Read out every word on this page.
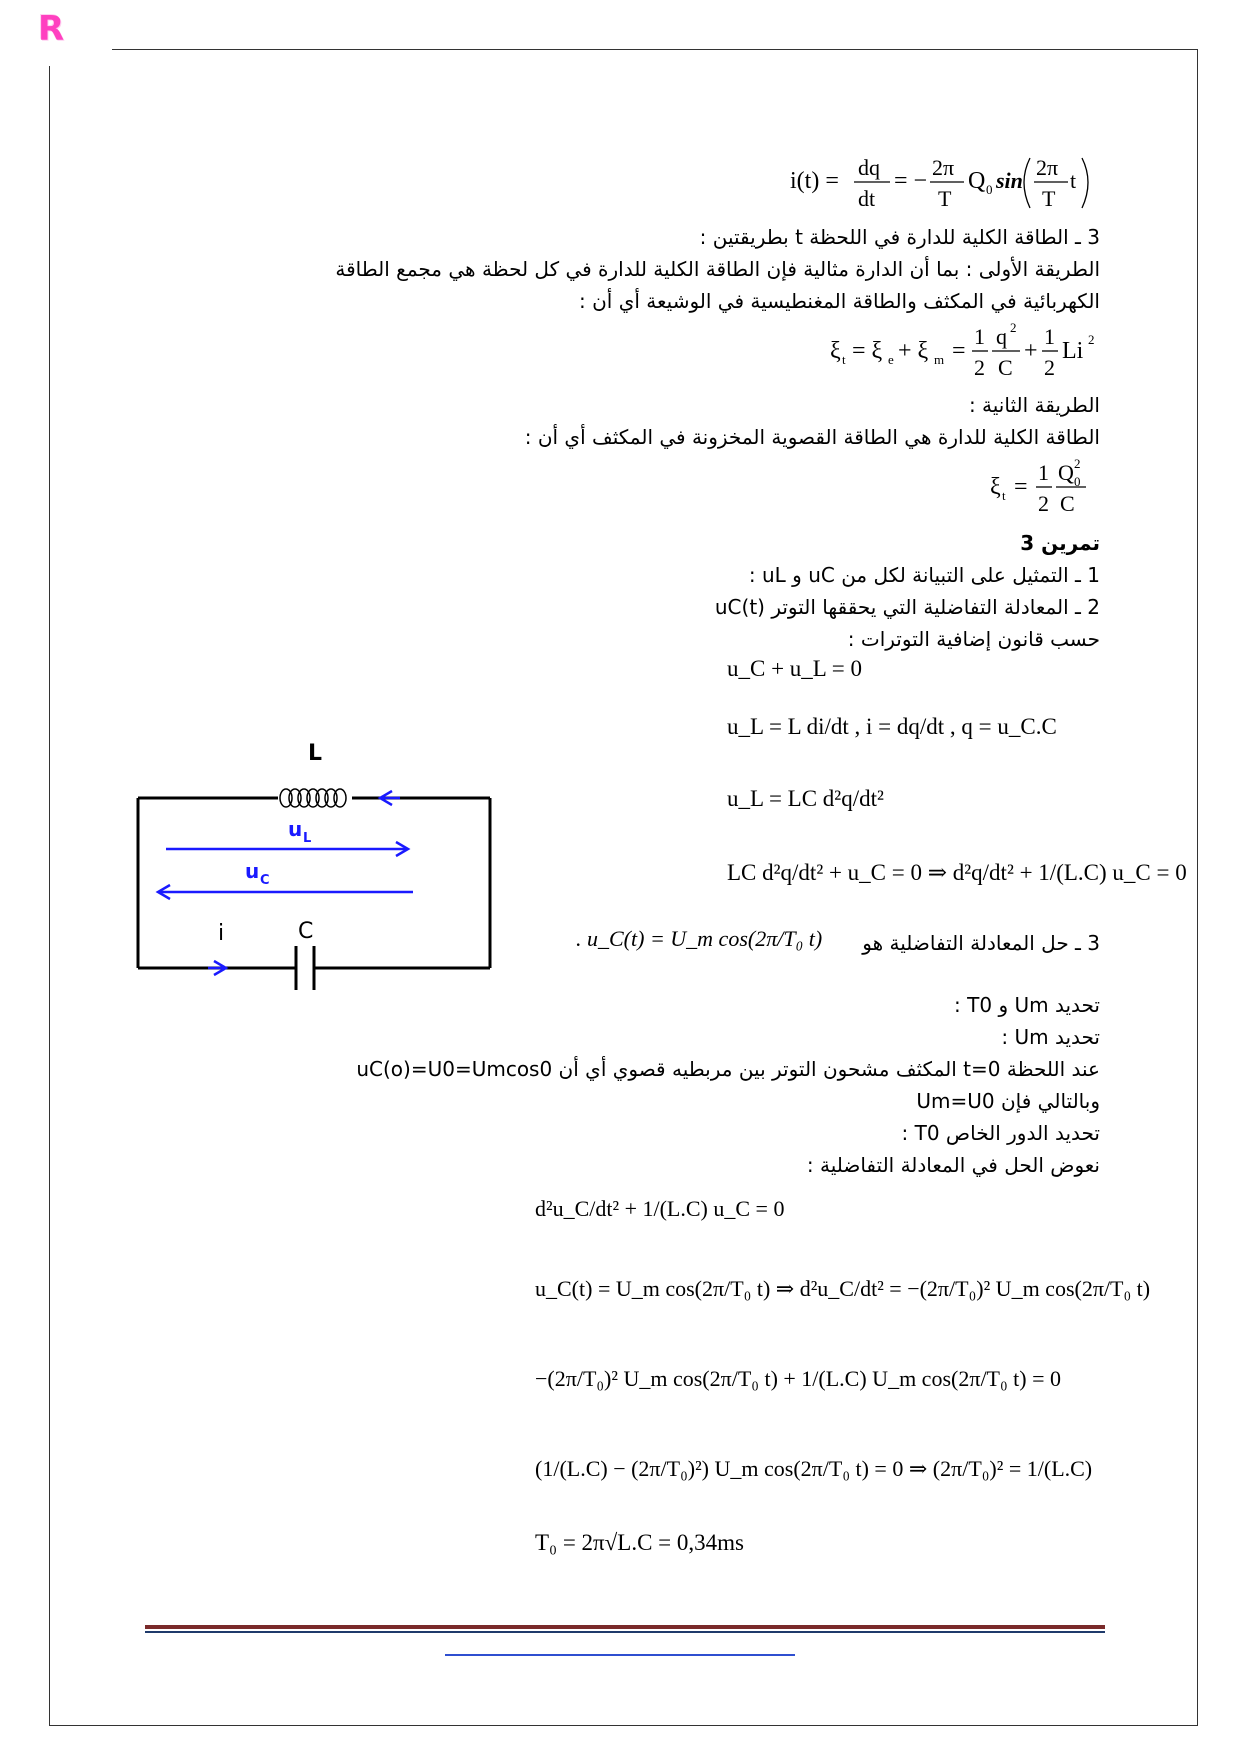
R
i(t) =
dq
dt
= −
2π
T
Q 0 sin
2π
T
t
3 ـ الطاقة الكلية للدارة في اللحظة t بطريقتين :
الطريقة الأولى : بما أن الدارة مثالية فإن الطاقة الكلية للدارة في كل لحظة هي مجمع الطاقة
الكهربائية في المكثف والطاقة المغنطيسية في الوشيعة أي أن :
ξ t = ξ e + ξ m =
1
2
q 2
C
+
1
2
Li 2
الطريقة الثانية :
الطاقة الكلية للدارة هي الطاقة القصوية المخزونة في المكثف أي أن :
ξ t =
1
2
Q 2
0
C
تمرين 3
1 ـ التمثيل على التبيانة لكل من uC و uL :
2 ـ المعادلة التفاضلية التي يحققها التوتر uC(t)
حسب قانون إضافية التوترات :
u_C + u_L = 0
u_L = L di/dt , i = dq/dt , q = u_C.C
u_L = LC d²q/dt²
LC d²q/dt² + u_C = 0 ⇒ d²q/dt² + 1/(L.C) u_C = 0
L
C
i
u L
u C
3 ـ حل المعادلة التفاضلية هو
. u_C(t) = U_m cos(2π/T₀ t)
تحديد Um و T0 :
تحديد Um :
عند اللحظة t=0 المكثف مشحون التوتر بين مربطيه قصوي أي أن uC(o)=U0=Umcos0
وبالتالي فإن Um=U0
تحديد الدور الخاص T0 :
نعوض الحل في المعادلة التفاضلية :
d²u_C/dt² + 1/(L.C) u_C = 0
u_C(t) = U_m cos(2π/T₀ t) ⇒ d²u_C/dt² = −(2π/T₀)² U_m cos(2π/T₀ t)
−(2π/T₀)² U_m cos(2π/T₀ t) + 1/(L.C) U_m cos(2π/T₀ t) = 0
(1/(L.C) − (2π/T₀)²) U_m cos(2π/T₀ t) = 0 ⇒ (2π/T₀)² = 1/(L.C)
T₀ = 2π√L.C = 0,34ms
